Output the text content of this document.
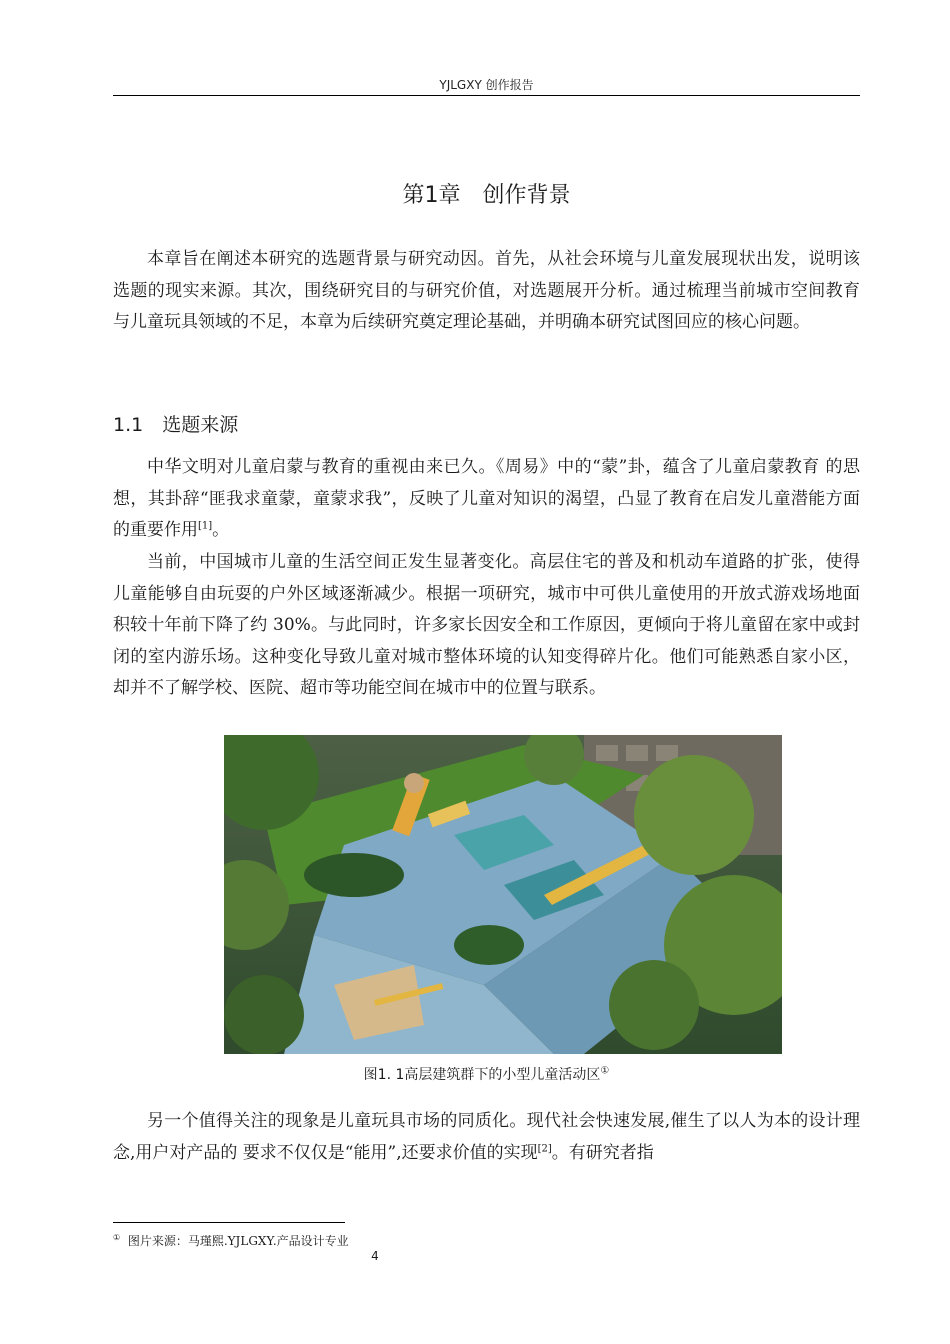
YJLGXY 创作报告
第1章　创作背景

本章旨在阐述本研究的选题背景与研究动因。首先，从社会环境与儿童发展现状出发，说明该选题的现实来源。其次，围绕研究目的与研究价值，对选题展开分析。通过梳理当前城市空间教育与儿童玩具领域的不足，本章为后续研究奠定理论基础，并明确本研究试图回应的核心问题。

1.1　选题来源

中华文明对儿童启蒙与教育的重视由来已久。《周易》中的“蒙”卦，蕴含了儿童启蒙教育 的思想，其卦辞“匪我求童蒙，童蒙求我”，反映了儿童对知识的渴望，凸显了教育在启发儿童潜能方面的重要作用[1]。

当前，中国城市儿童的生活空间正发生显著变化。高层住宅的普及和机动车道路的扩张，使得儿童能够自由玩耍的户外区域逐渐减少。根据一项研究，城市中可供儿童使用的开放式游戏场地面积较十年前下降了约 30%。与此同时，许多家长因安全和工作原因，更倾向于将儿童留在家中或封闭的室内游乐场。这种变化导致儿童对城市整体环境的认知变得碎片化。他们可能熟悉自家小区，却并不了解学校、医院、超市等功能空间在城市中的位置与联系。

图1. 1高层建筑群下的小型儿童活动区①

另一个值得关注的现象是儿童玩具市场的同质化。现代社会快速发展,催生了以人为本的设计理念,用户对产品的 要求不仅仅是“能用”,还要求价值的实现[2]。有研究者指

① 图片来源：马瑾熙.YJLGXY.产品设计专业
4
